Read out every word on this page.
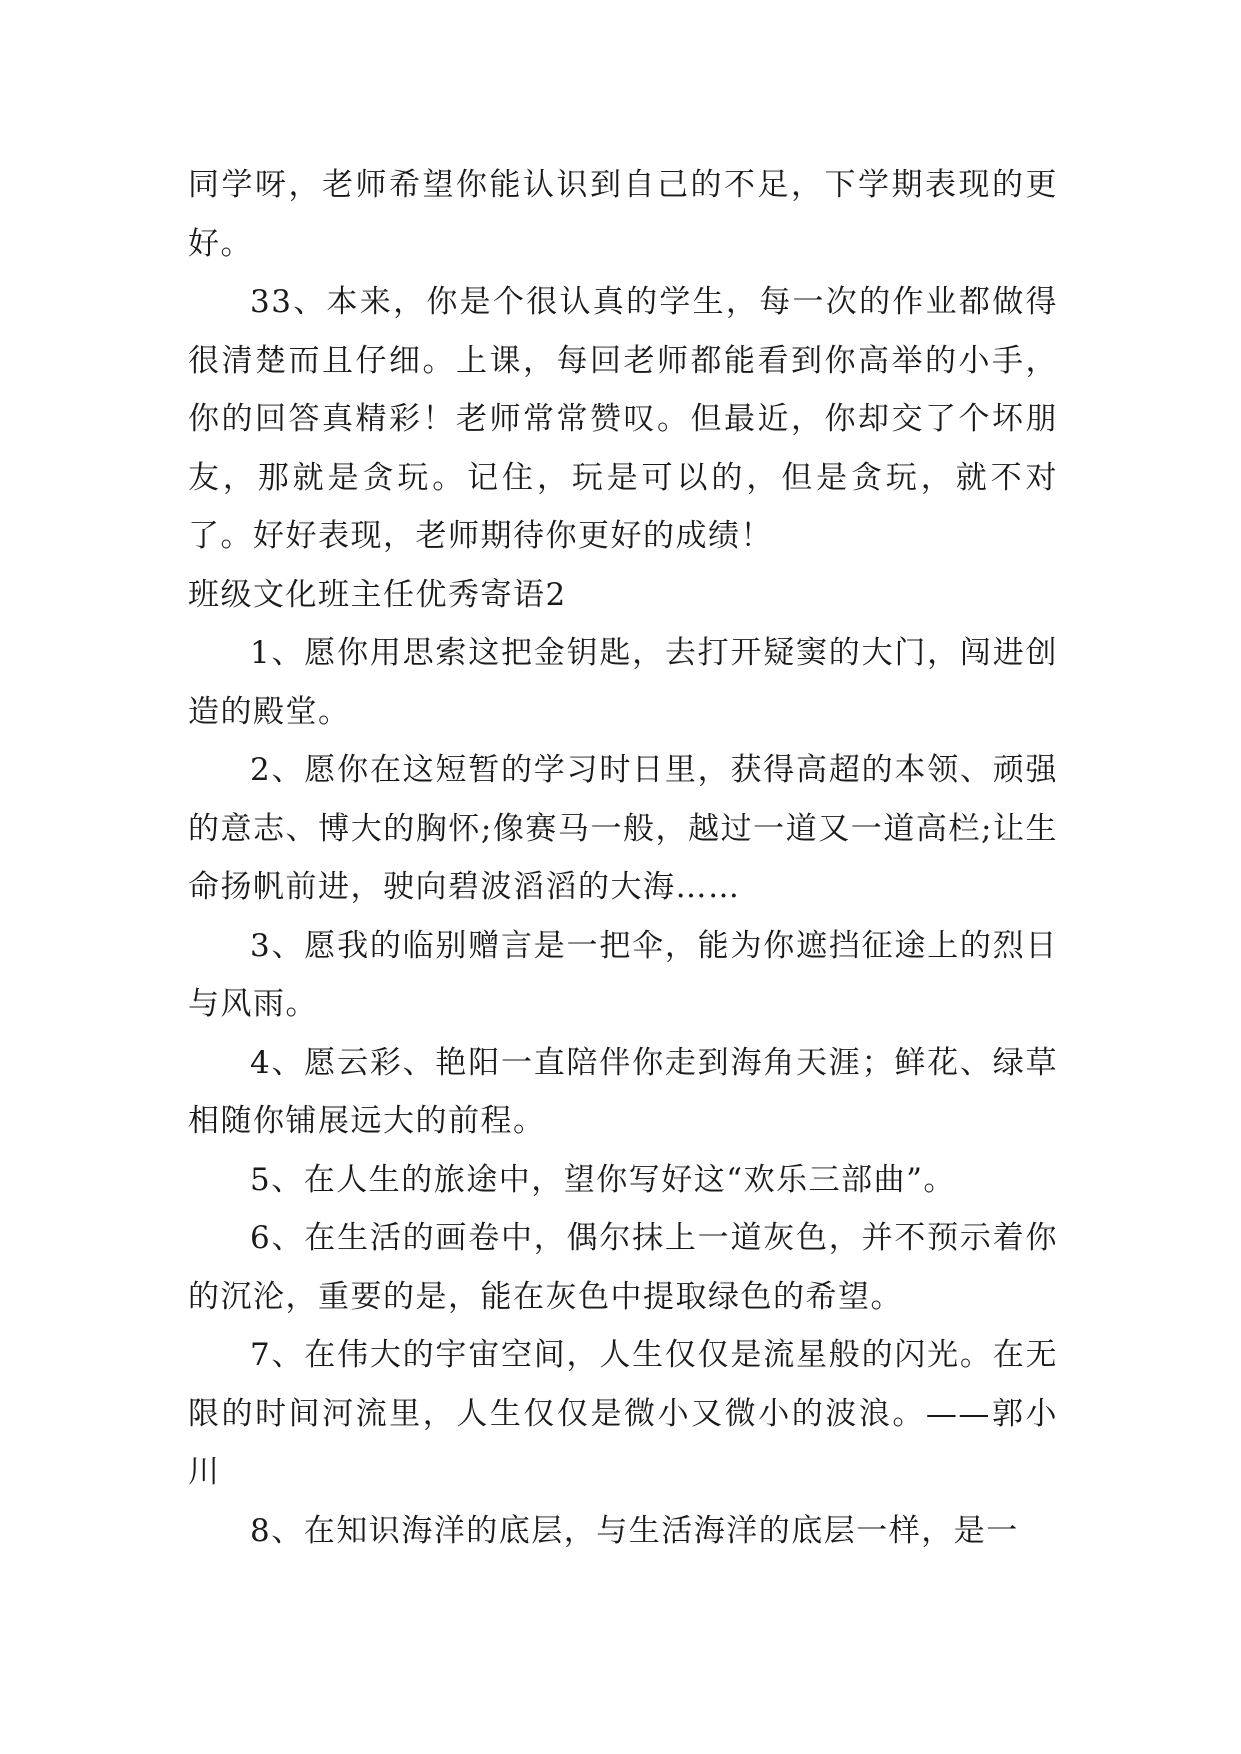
同学呀，老师希望你能认识到自己的不足，下学期表现的更好。

33、本来，你是个很认真的学生，每一次的作业都做得很清楚而且仔细。上课，每回老师都能看到你高举的小手，你的回答真精彩！老师常常赞叹。但最近，你却交了个坏朋友，那就是贪玩。记住，玩是可以的，但是贪玩，就不对了。好好表现，老师期待你更好的成绩！

班级文化班主任优秀寄语2

1、愿你用思索这把金钥匙，去打开疑窦的大门，闯进创造的殿堂。

2、愿你在这短暂的学习时日里，获得高超的本领、顽强的意志、博大的胸怀;像赛马一般，越过一道又一道高栏;让生命扬帆前进，驶向碧波滔滔的大海……

3、愿我的临别赠言是一把伞，能为你遮挡征途上的烈日与风雨。

4、愿云彩、艳阳一直陪伴你走到海角天涯；鲜花、绿草相随你铺展远大的前程。

5、在人生的旅途中，望你写好这“欢乐三部曲”。

6、在生活的画卷中，偶尔抹上一道灰色，并不预示着你的沉沦，重要的是，能在灰色中提取绿色的希望。

7、在伟大的宇宙空间，人生仅仅是流星般的闪光。在无限的时间河流里，人生仅仅是微小又微小的波浪。——郭小川

8、在知识海洋的底层，与生活海洋的底层一样，是一
